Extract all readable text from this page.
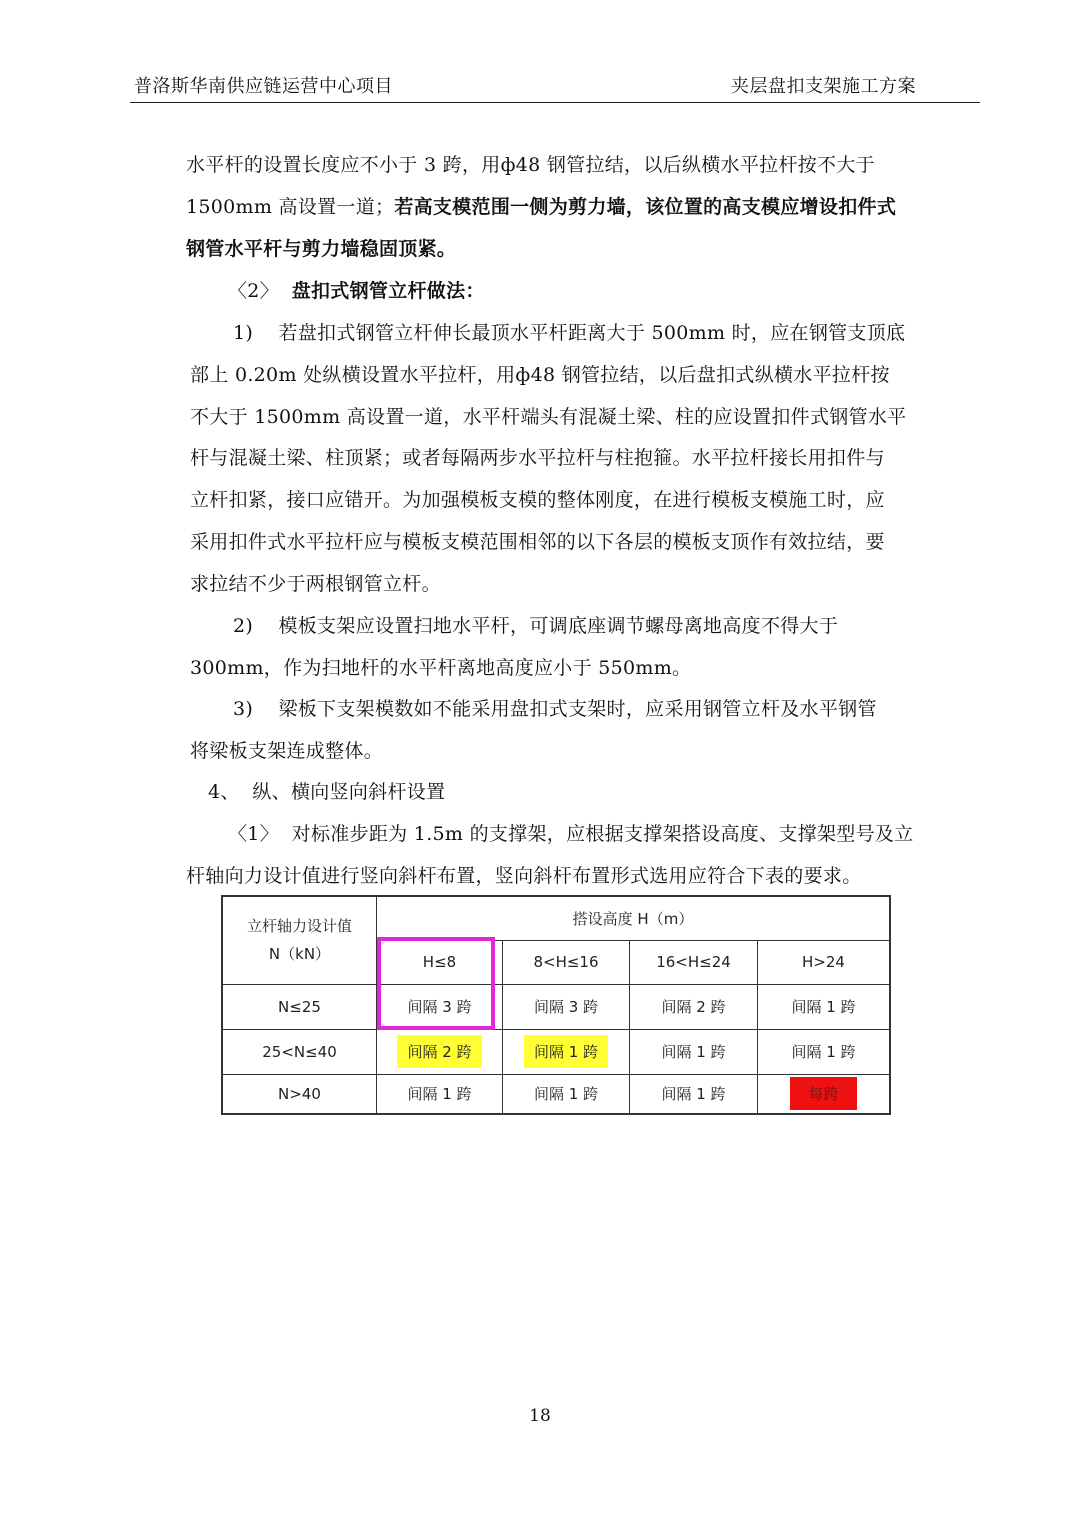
普洛斯华南供应链运营中心项目	夹层盘扣支架施工方案
水平杆的设置长度应不小于 3 跨，用ф48 钢管拉结，以后纵横水平拉杆按不大于
1500mm 高设置一道；若高支模范围一侧为剪力墙，该位置的高支模应增设扣件式
钢管水平杆与剪力墙稳固顶紧。
〈2〉 盘扣式钢管立杆做法：
1)    若盘扣式钢管立杆伸长最顶水平杆距离大于 500mm 时，应在钢管支顶底
部上 0.20m 处纵横设置水平拉杆，用ф48 钢管拉结，以后盘扣式纵横水平拉杆按
不大于 1500mm 高设置一道，水平杆端头有混凝土梁、柱的应设置扣件式钢管水平
杆与混凝土梁、柱顶紧；或者每隔两步水平拉杆与柱抱箍。水平拉杆接长用扣件与
立杆扣紧，接口应错开。为加强模板支模的整体刚度，在进行模板支模施工时，应
采用扣件式水平拉杆应与模板支模范围相邻的以下各层的模板支顶作有效拉结，要
求拉结不少于两根钢管立杆。
2)    模板支架应设置扫地水平杆，可调底座调节螺母离地高度不得大于
300mm，作为扫地杆的水平杆离地高度应小于 550mm。
3)    梁板下支架模数如不能采用盘扣式支架时，应采用钢管立杆及水平钢管
将梁板支架连成整体。
4、  纵、横向竖向斜杆设置
〈1〉  对标准步距为 1.5m 的支撑架，应根据支撑架搭设高度、支撑架型号及立
杆轴向力设计值进行竖向斜杆布置，竖向斜杆布置形式选用应符合下表的要求。
立杆轴力设计值
N（kN）	搭设高度 H（m）			
	H≤8	8<H≤16	16<H≤24	H>24
N≤25	间隔 3 跨	间隔 3 跨	间隔 2 跨	间隔 1 跨
25<N≤40	间隔 2 跨	间隔 1 跨	间隔 1 跨	间隔 1 跨
N>40	间隔 1 跨	间隔 1 跨	间隔 1 跨	每跨
18
